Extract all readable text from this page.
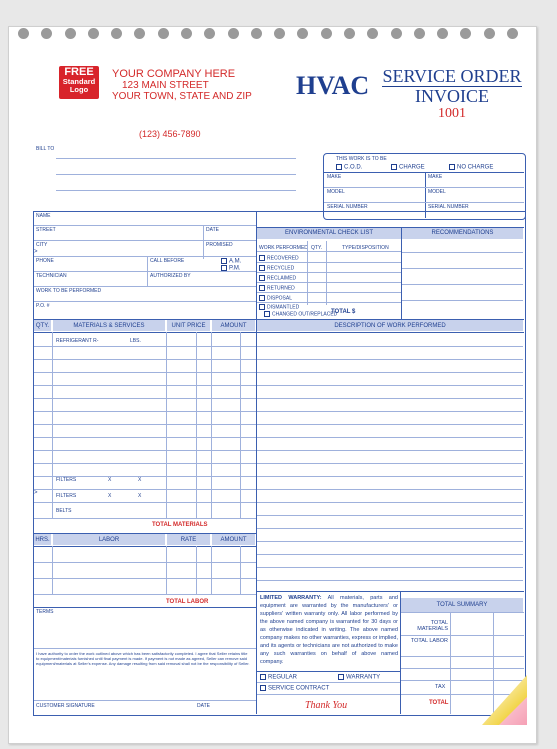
FREE
Standard
Logo
YOUR COMPANY HERE
123 MAIN STREET
YOUR TOWN, STATE AND ZIP
(123) 456-7890
HVAC SERVICE ORDER
INVOICE
1001
BILL TO
THIS WORK IS TO BE
C.O.D.	CHARGE	NO CHARGE
MAKE	MAKE
MODEL	MODEL
SERIAL NUMBER	SERIAL NUMBER
NAME
STREET	DATE
CITY	PROMISED
>
PHONE	CALL BEFORE	A.M.
P.M.
TECHNICIAN	AUTHORIZED BY
WORK TO BE PERFORMED
P.O. #
ENVIRONMENTAL CHECK LIST	RECOMMENDATIONS
WORK PERFORMED QTY.	TYPE/DISPOSITION
RECOVERED
RECYCLED
RECLAIMED
RETURNED
DISPOSAL
DISMANTLED
CHANGED OUT/REPLACED
TOTAL $
QTY.	MATERIALS & SERVICES	UNIT PRICE	AMOUNT	DESCRIPTION OF WORK PERFORMED
REFRIGERANT R-	LBS.
FILTERS	X	X
>	FILTERS	X	X
BELTS
TOTAL MATERIALS
HRS.	LABOR	RATE	AMOUNT
TOTAL LABOR
TERMS
I have authority to order the work outlined above which has been satisfactorily completed. I agree that Seller retains title to equipment/materials furnished until final payment is made. If payment is not made as agreed, Seller can remove said equipment/materials at Seller's expense. Any damage resulting from said removal shall not be the responsibility of Seller.
CUSTOMER SIGNATURE	DATE
LIMITED WARRANTY: All materials, parts and equipment are warranted by the manufacturers' or suppliers' written warranty only. All labor performed by the above named company is warranted for 30 days or as otherwise indicated in writing. The above named company makes no other warranties, express or implied, and its agents or technicians are not authorized to make any such warranties on behalf of above named company.
TOTAL SUMMARY
TOTAL MATERIALS
TOTAL LABOR
TAX
TOTAL
REGULAR	WARRANTY
SERVICE CONTRACT
Thank You
